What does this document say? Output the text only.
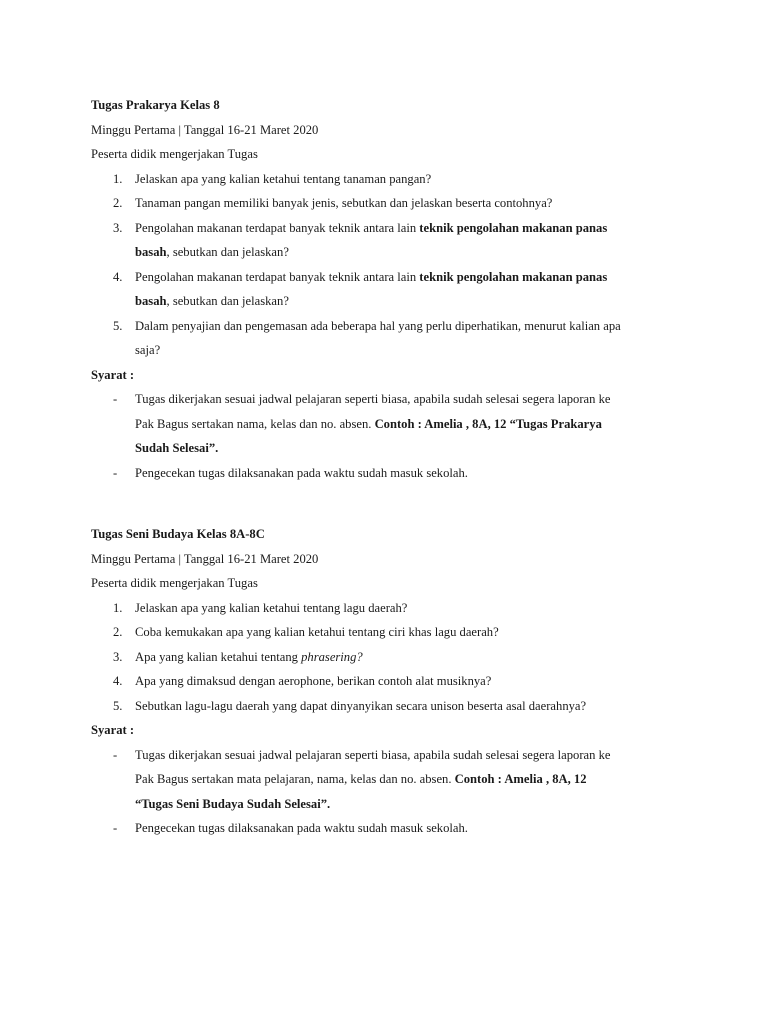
Tugas Prakarya Kelas 8
Minggu Pertama | Tanggal 16-21 Maret 2020
Peserta didik mengerjakan Tugas
1. Jelaskan apa yang kalian ketahui tentang tanaman pangan?
2. Tanaman pangan memiliki banyak jenis, sebutkan dan jelaskan beserta contohnya?
3. Pengolahan makanan terdapat banyak teknik antara lain teknik pengolahan makanan panas
basah, sebutkan dan jelaskan?
4. Pengolahan makanan terdapat banyak teknik antara lain teknik pengolahan makanan panas
basah, sebutkan dan jelaskan?
5. Dalam penyajian dan pengemasan ada beberapa hal yang perlu diperhatikan, menurut kalian apa
saja?
Syarat :
- Tugas dikerjakan sesuai jadwal pelajaran seperti biasa, apabila sudah selesai segera laporan ke
Pak Bagus sertakan nama, kelas dan no. absen. Contoh : Amelia , 8A, 12 “Tugas Prakarya
Sudah Selesai”.
- Pengecekan tugas dilaksanakan pada waktu sudah masuk sekolah.
Tugas Seni Budaya Kelas 8A-8C
Minggu Pertama | Tanggal 16-21 Maret 2020
Peserta didik mengerjakan Tugas
1. Jelaskan apa yang kalian ketahui tentang lagu daerah?
2. Coba kemukakan apa yang kalian ketahui tentang ciri khas lagu daerah?
3. Apa yang kalian ketahui tentang phrasering?
4. Apa yang dimaksud dengan aerophone, berikan contoh alat musiknya?
5. Sebutkan lagu-lagu daerah yang dapat dinyanyikan secara unison beserta asal daerahnya?
Syarat :
- Tugas dikerjakan sesuai jadwal pelajaran seperti biasa, apabila sudah selesai segera laporan ke
Pak Bagus sertakan mata pelajaran, nama, kelas dan no. absen. Contoh : Amelia , 8A, 12
“Tugas Seni Budaya Sudah Selesai”.
- Pengecekan tugas dilaksanakan pada waktu sudah masuk sekolah.
